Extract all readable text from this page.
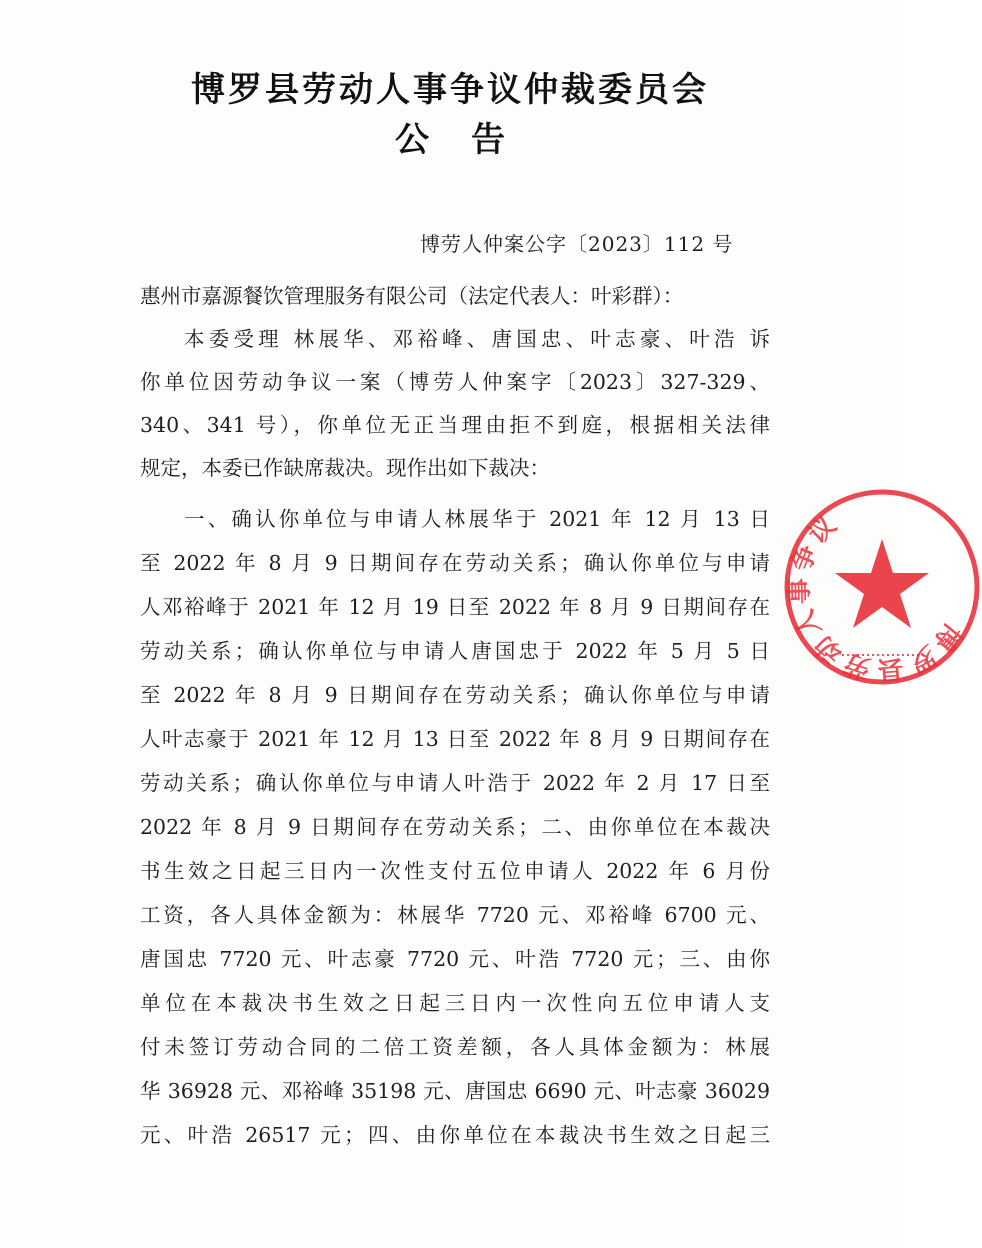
博罗县劳动人事争议仲裁委员会
公告
博劳人仲案公字〔2023〕112 号
惠州市嘉源餐饮管理服务有限公司（法定代表人：叶彩群）：
本委受理 林展华、邓裕峰、唐国忠、叶志豪、叶浩 诉
你单位因劳动争议一案（博劳人仲案字〔2023〕327-329、
340、341 号），你单位无正当理由拒不到庭，根据相关法律
规定，本委已作缺席裁决。现作出如下裁决：
一、确认你单位与申请人林展华于 2021 年 12 月 13 日
至 2022 年 8 月 9 日期间存在劳动关系；确认你单位与申请
人邓裕峰于 2021 年 12 月 19 日至 2022 年 8 月 9 日期间存在
劳动关系；确认你单位与申请人唐国忠于 2022 年 5 月 5 日
至 2022 年 8 月 9 日期间存在劳动关系；确认你单位与申请
人叶志豪于 2021 年 12 月 13 日至 2022 年 8 月 9 日期间存在
劳动关系；确认你单位与申请人叶浩于 2022 年 2 月 17 日至
2022 年 8 月 9 日期间存在劳动关系；二、由你单位在本裁决
书生效之日起三日内一次性支付五位申请人 2022 年 6 月份
工资，各人具体金额为：林展华 7720 元、邓裕峰 6700 元、
唐国忠 7720 元、叶志豪 7720 元、叶浩 7720 元；三、由你
单位在本裁决书生效之日起三日内一次性向五位申请人支
付未签订劳动合同的二倍工资差额，各人具体金额为：林展
华 36928 元、邓裕峰 35198 元、唐国忠 6690 元、叶志豪 36029
元、叶浩 26517 元；四、由你单位在本裁决书生效之日起三
博罗县劳动人事争议
